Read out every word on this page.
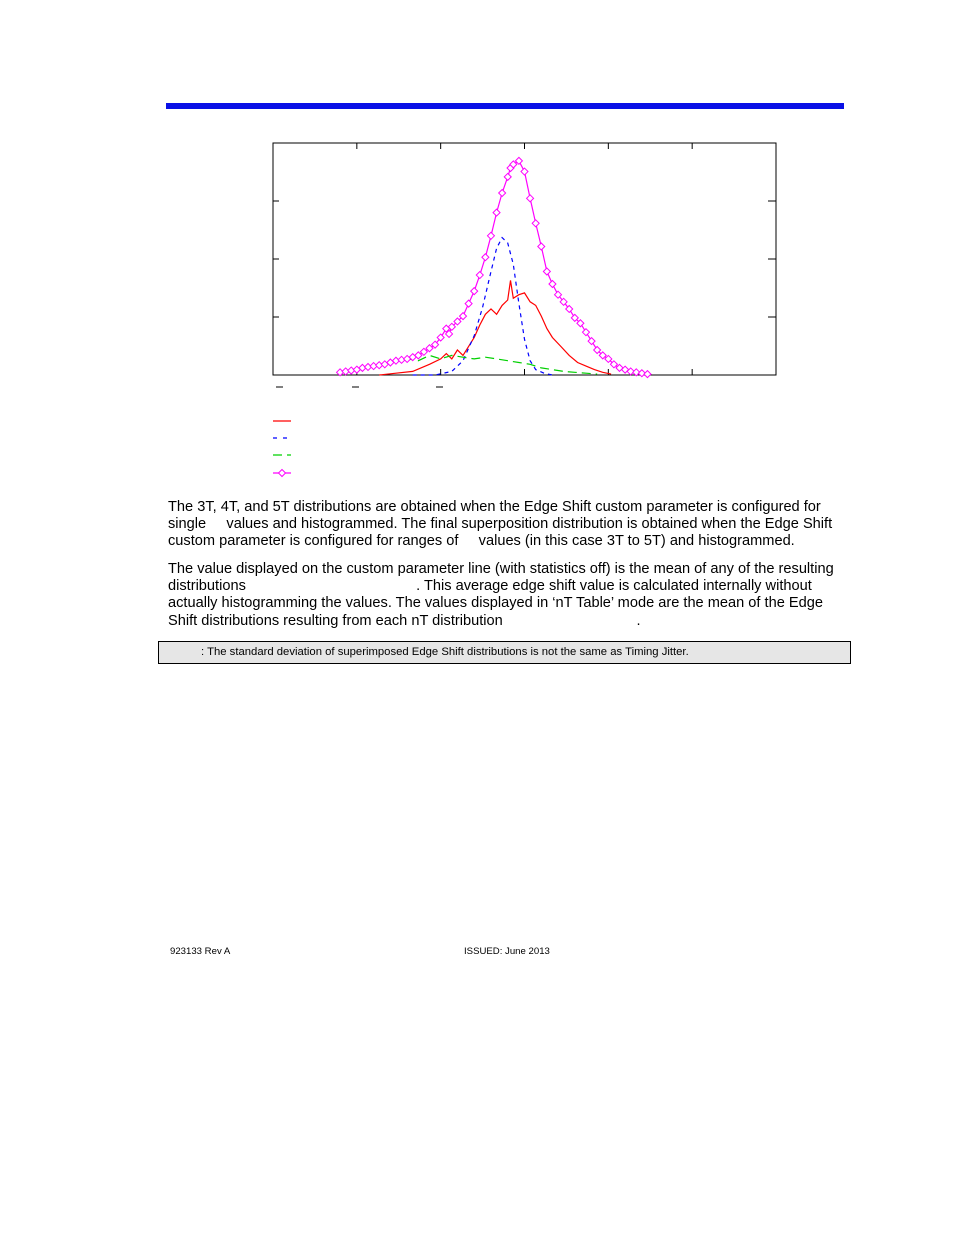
The 3T, 4T, and 5T distributions are obtained when the Edge Shift custom parameter is configured for
single     values and histogrammed. The final superposition distribution is obtained when the Edge Shift
custom parameter is configured for ranges of     values (in this case 3T to 5T) and histogrammed.
The value displayed on the custom parameter line (with statistics off) is the mean of any of the resulting
distributions                                          . This average edge shift value is calculated internally without
actually histogramming the values. The values displayed in ‘nT Table’ mode are the mean of the Edge
Shift distributions resulting from each nT distribution                                 .
: The standard deviation of superimposed Edge Shift distributions is not the same as Timing Jitter.
923133 Rev A	ISSUED: June 2013
